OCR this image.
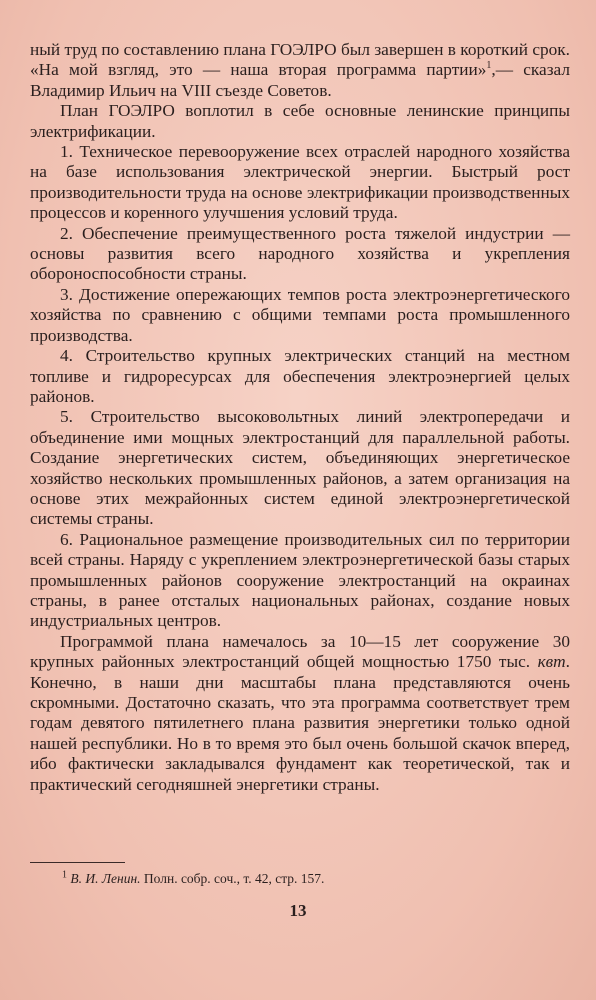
ный труд по составлению плана ГОЭЛРО был завершен в короткий срок. «На мой взгляд, это — наша вторая программа партии»$^1$,— сказал Владимир Ильич на VIII съезде Советов.

План ГОЭЛРО воплотил в себе основные ленинские принципы электрификации.

1. Техническое перевооружение всех отраслей народного хозяйства на базе использования электрической энергии. Быстрый рост производительности труда на основе электрификации производственных процессов и коренного улучшения условий труда.

2. Обеспечение преимущественного роста тяжелой индустрии — основы развития всего народного хозяйства и укрепления обороноспособности страны.

3. Достижение опережающих темпов роста электроэнергетического хозяйства по сравнению с общими темпами роста промышленного производства.

4. Строительство крупных электрических станций на местном топливе и гидроресурсах для обеспечения электроэнергией целых районов.

5. Строительство высоковольтных линий электропередачи и объединение ими мощных электростанций для параллельной работы. Создание энергетических систем, объединяющих энергетическое хозяйство нескольких промышленных районов, а затем организация на основе этих межрайонных систем единой электроэнергетической системы страны.

6. Рациональное размещение производительных сил по территории всей страны. Наряду с укреплением электроэнергетической базы старых промышленных районов сооружение электростанций на окраинах страны, в ранее отсталых национальных районах, создание новых индустриальных центров.

Программой плана намечалось за 10—15 лет сооружение 30 крупных районных электростанций общей мощностью 1750 тыс. квт. Конечно, в наши дни масштабы плана представляются очень скромными. Достаточно сказать, что эта программа соответствует трем годам девятого пятилетнего плана развития энергетики только одной нашей республики. Но в то время это был очень большой скачок вперед, ибо фактически закладывался фундамент как теоретической, так и практический сегодняшней энергетики страны.

$^1$ В. И. Ленин. Полн. собр. соч., т. 42, стр. 157.
13
